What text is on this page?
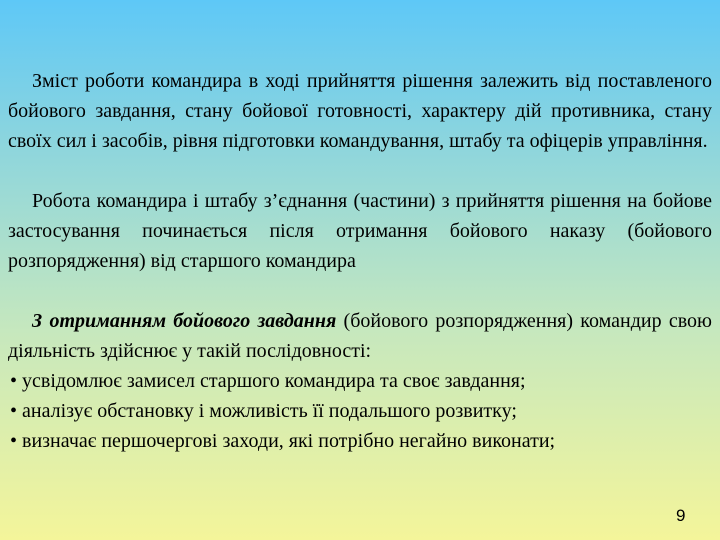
Зміст роботи командира в ході прийняття рішення залежить від поставленого бойового завдання, стану бойової готовності, характеру дій противника, стану своїх сил і засобів, рівня підготовки командування, штабу та офіцерів управління.

Робота командира і штабу з’єднання (частини) з прийняття рішення на бойове застосування починається після отримання бойового наказу (бойового розпорядження) від старшого командира

З отриманням бойового завдання (бойового розпорядження) командир свою діяльність здійснює у такій послідовності:

• усвідомлює замисел старшого командира та своє завдання;
• аналізує обстановку і можливість її подальшого розвитку;
• визначає першочергові заходи, які потрібно негайно виконати;
9
